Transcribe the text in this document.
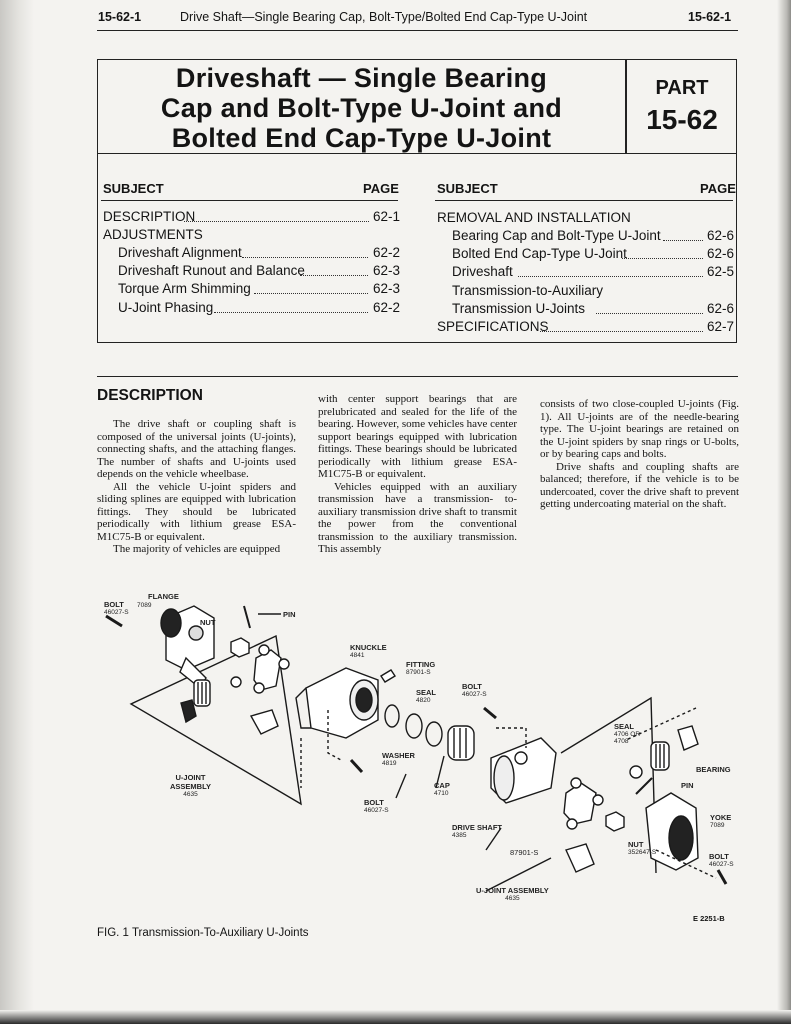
15-62-1	Drive Shaft—Single Bearing Cap, Bolt-Type/Bolted End Cap-Type U-Joint	15-62-1
Driveshaft — Single Bearing
Cap and Bolt-Type U-Joint and
Bolted End Cap-Type U-Joint
PART
15-62
SUBJECT	PAGE	SUBJECT	PAGE
DESCRIPTION	62-1
ADJUSTMENTS
Driveshaft Alignment	62-2
Driveshaft Runout and Balance	62-3
Torque Arm Shimming	62-3
U-Joint Phasing	62-2
REMOVAL AND INSTALLATION
Bearing Cap and Bolt-Type U-Joint	62-6
Bolted End Cap-Type U-Joint	62-6
Driveshaft	62-5
Transmission-to-Auxiliary
Transmission U-Joints	62-6
SPECIFICATIONS	62-7
DESCRIPTION

The drive shaft or coupling shaft is composed of the universal joints (U-joints), connecting shafts, and the attaching flanges. The number of shafts and U-joints used depends on the vehicle wheelbase.

All the vehicle U-joint spiders and sliding splines are equipped with lubrication fittings. They should be lubricated periodically with lithium grease ESA-M1C75-B or equivalent.

The majority of vehicles are equipped

with center support bearings that are prelubricated and sealed for the life of the bearing. However, some vehicles have center support bearings equipped with lubrication fittings. These bearings should be lubricated periodically with lithium grease ESA-M1C75-B or equivalent.

Vehicles equipped with an auxiliary transmission have a transmission- to-auxiliary transmission drive shaft to transmit the power from the conventional transmission to the auxiliary transmission. This assembly

consists of two close-coupled U-joints (Fig. 1). All U-joints are of the needle-bearing type. The U-joint bearings are retained on the U-joint spiders by snap rings or U-bolts, or by bearing caps and bolts.

Drive shafts and coupling shafts are balanced; therefore, if the vehicle is to be undercoated, cover the drive shaft to prevent getting undercoating material on the shaft.

FLANGE
BOLT
46027-S
7089
NUT
PIN
KNUCKLE
4841
FITTING
87901-S
SEAL
4820
BOLT
46027-S
WASHER
4819
CAP
4710
BOLT
46027-S
U-JOINT
ASSEMBLY
4635
DRIVE SHAFT
4385
SEAL
4706 OR
4708
BEARING
PIN
YOKE
7089
NUT
352647-S
87901-S	BOLT
46027-S
U-JOINT ASSEMBLY
4635
E 2251-B
FIG. 1 Transmission-To-Auxiliary U-Joints
